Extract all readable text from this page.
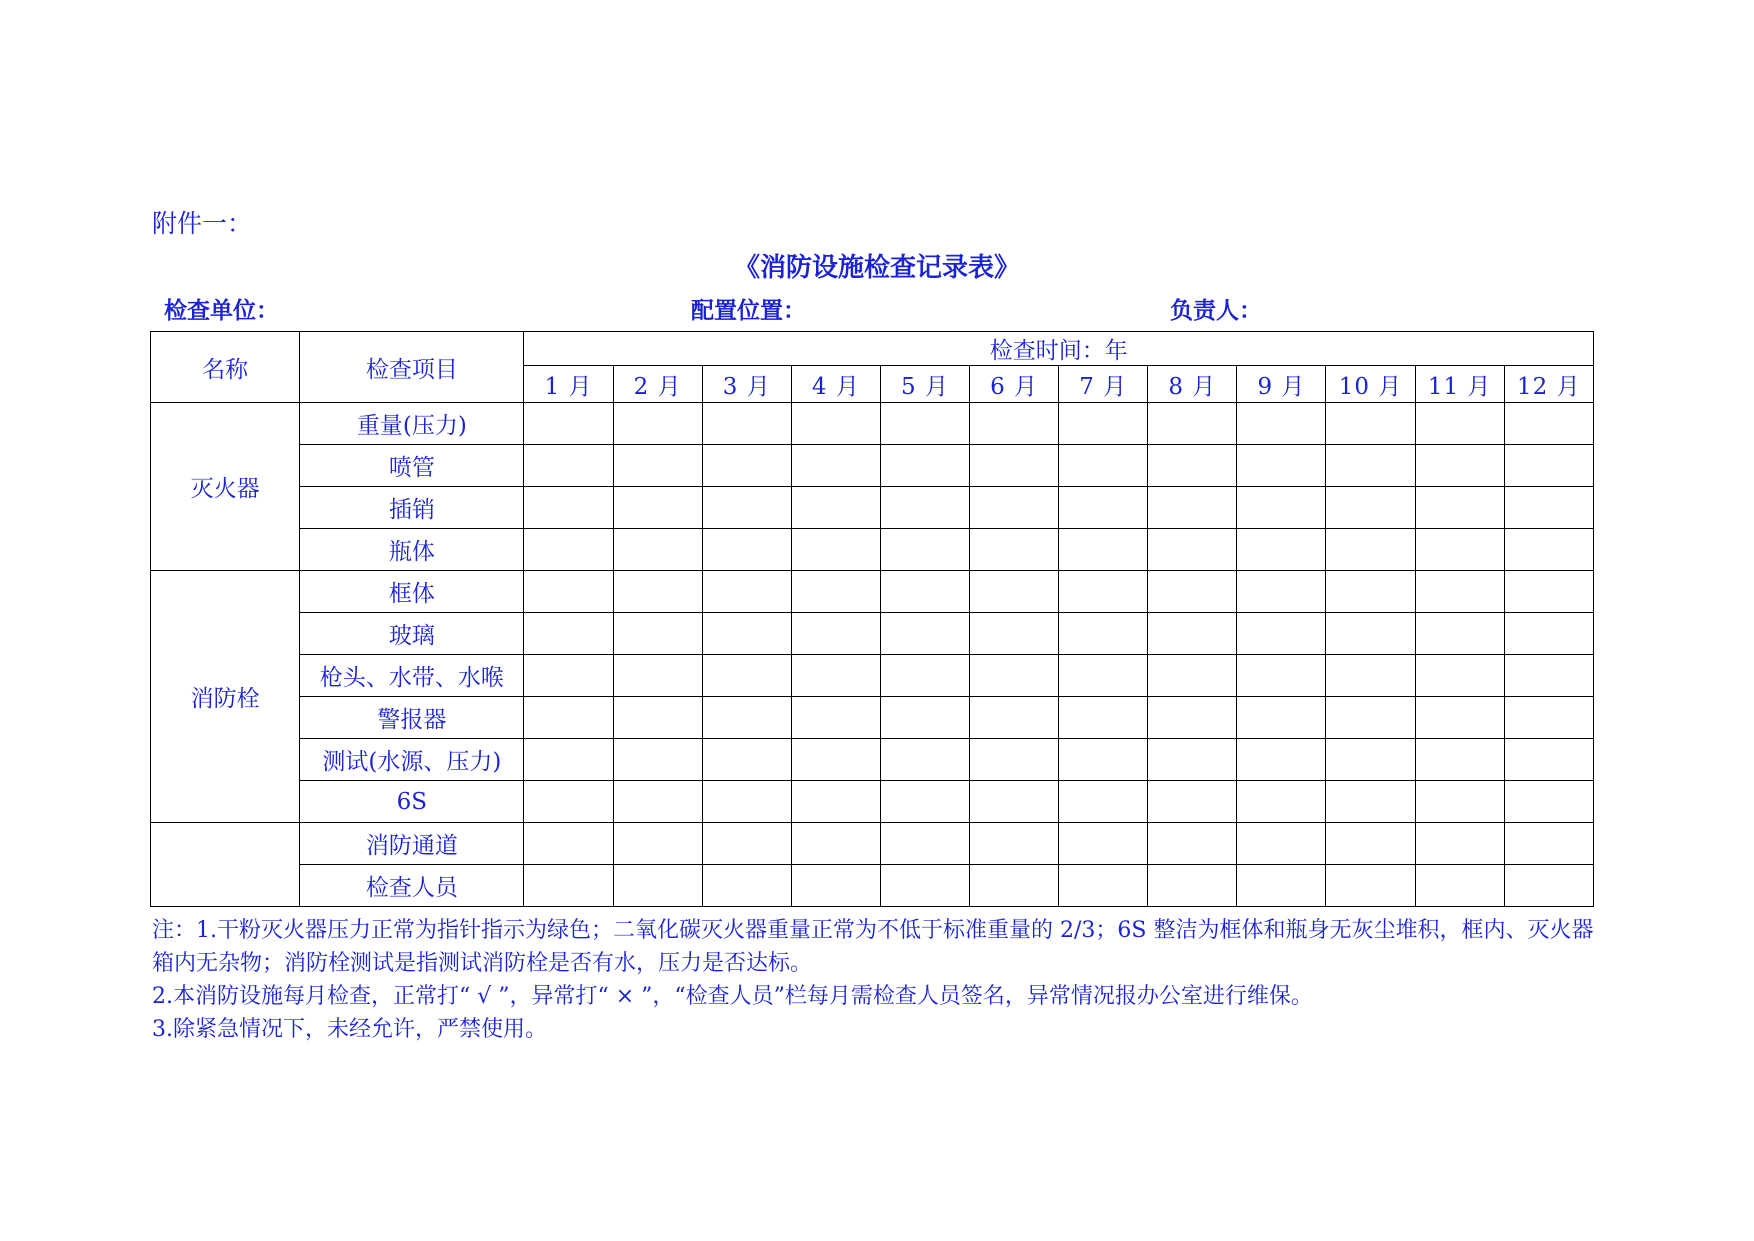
附件一：
《消防设施检查记录表》
检查单位：	配置位置：	负责人：
名称	检查项目	检查时间：年											
		1 月	2 月	3 月	4 月	5 月	6 月	7 月	8 月	9 月	10 月	11 月	12 月
灭火器	重量(压力)												
	喷管												
	插销												
	瓶体												
消防栓	框体												
	玻璃												
	枪头、水带、水喉												
	警报器												
	测试(水源、压力)												
	6S												
	消防通道												
	检查人员												

注：1.干粉灭火器压力正常为指针指示为绿色；二氧化碳灭火器重量正常为不低于标准重量的 2/3；6S 整洁为框体和瓶身无灰尘堆积，框内、灭火器箱内无杂物；消防栓测试是指测试消防栓是否有水，压力是否达标。

2.本消防设施每月检查，正常打“ √ ”，异常打“ × ”，“检查人员”栏每月需检查人员签名，异常情况报办公室进行维保。

3.除紧急情况下，未经允许，严禁使用。
